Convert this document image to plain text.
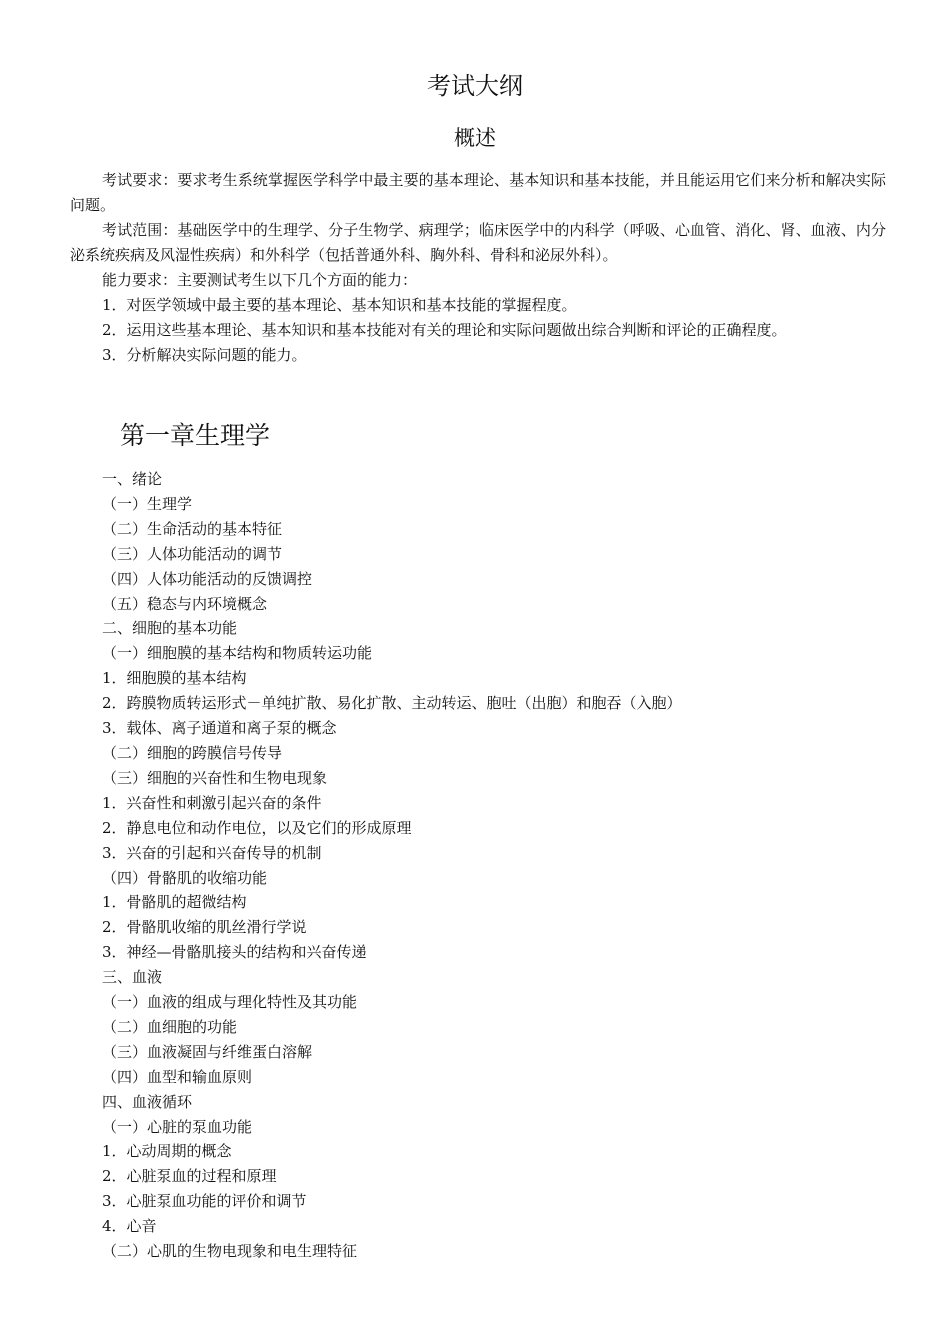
考试大纲
概述

考试要求：要求考生系统掌握医学科学中最主要的基本理论、基本知识和基本技能，并且能运用它们来分析和解决实际问题。

考试范围：基础医学中的生理学、分子生物学、病理学；临床医学中的内科学（呼吸、心血管、消化、肾、血液、内分泌系统疾病及风湿性疾病）和外科学（包括普通外科、胸外科、骨科和泌尿外科）。

能力要求：主要测试考生以下几个方面的能力：

1．对医学领域中最主要的基本理论、基本知识和基本技能的掌握程度。

2．运用这些基本理论、基本知识和基本技能对有关的理论和实际问题做出综合判断和评论的正确程度。

3．分析解决实际问题的能力。

第一章生理学
一、绪论
（一）生理学
（二）生命活动的基本特征
（三）人体功能活动的调节
（四）人体功能活动的反馈调控
（五）稳态与内环境概念
二、细胞的基本功能
（一）细胞膜的基本结构和物质转运功能
1．细胞膜的基本结构
2．跨膜物质转运形式－单纯扩散、易化扩散、主动转运、胞吐（出胞）和胞吞（入胞）
3．载体、离子通道和离子泵的概念
（二）细胞的跨膜信号传导
（三）细胞的兴奋性和生物电现象
1．兴奋性和刺激引起兴奋的条件
2．静息电位和动作电位，以及它们的形成原理
3．兴奋的引起和兴奋传导的机制
（四）骨骼肌的收缩功能
1．骨骼肌的超微结构
2．骨骼肌收缩的肌丝滑行学说
3．神经—骨骼肌接头的结构和兴奋传递
三、血液
（一）血液的组成与理化特性及其功能
（二）血细胞的功能
（三）血液凝固与纤维蛋白溶解
（四）血型和输血原则
四、血液循环
（一）心脏的泵血功能
1．心动周期的概念
2．心脏泵血的过程和原理
3．心脏泵血功能的评价和调节
4．心音
（二）心肌的生物电现象和电生理特征
